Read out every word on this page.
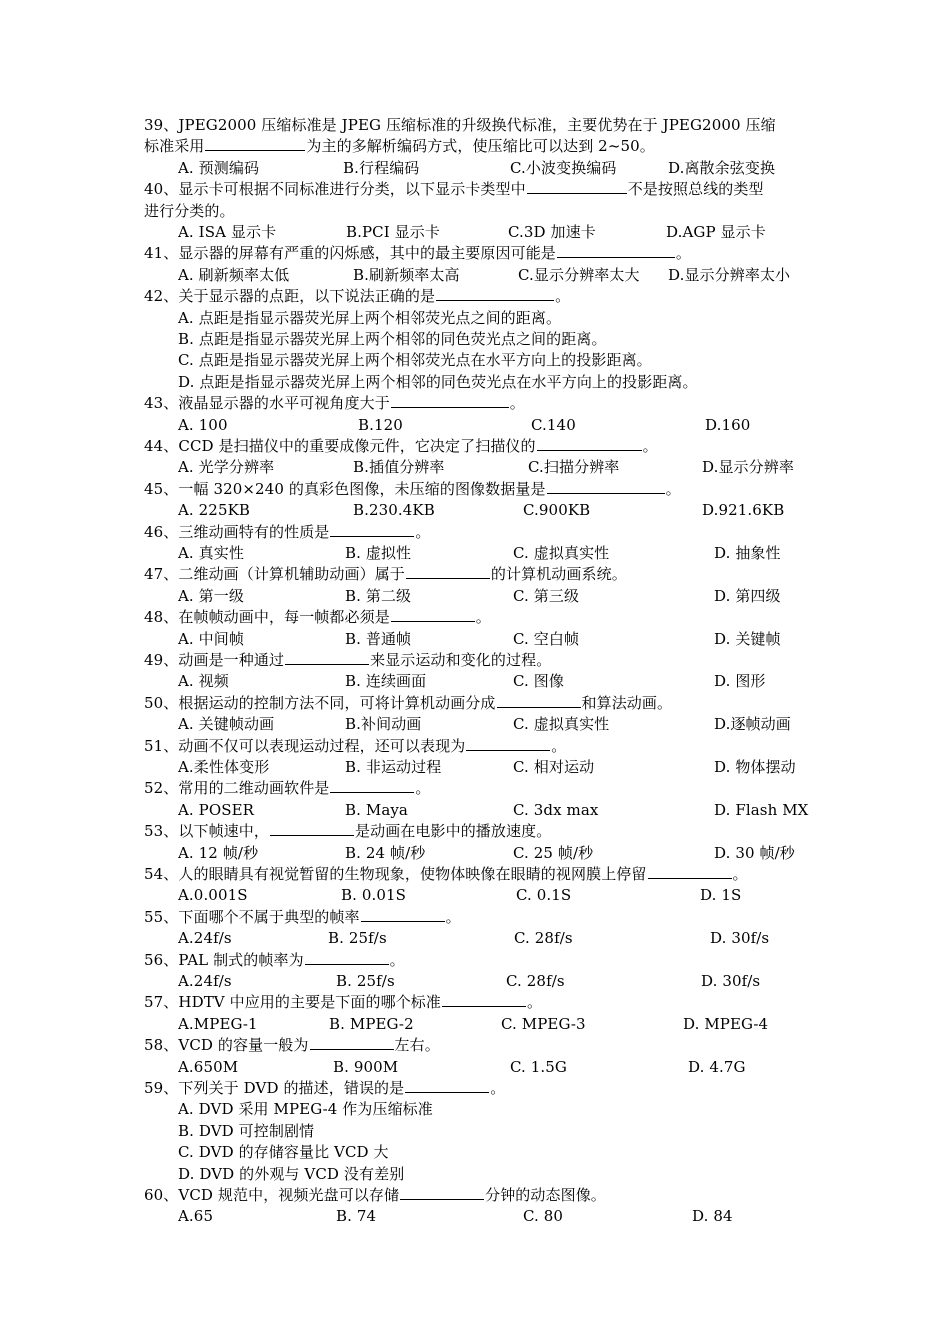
39、JPEG2000 压缩标准是 JPEG 压缩标准的升级换代标准，主要优势在于 JPEG2000 压缩
标准采用	为主的多解析编码方式，使压缩比可以达到 2~50。
A. 预测编码	B.行程编码	C.小波变换编码	D.离散余弦变换
40、显示卡可根据不同标准进行分类，以下显示卡类型中	不是按照总线的类型
进行分类的。
A. ISA 显示卡	B.PCI 显示卡	C.3D 加速卡	D.AGP 显示卡
41、显示器的屏幕有严重的闪烁感，其中的最主要原因可能是	。
A. 刷新频率太低	B.刷新频率太高	C.显示分辨率太大 D.显示分辨率太小
42、关于显示器的点距，以下说法正确的是	。
A. 点距是指显示器荧光屏上两个相邻荧光点之间的距离。
B. 点距是指显示器荧光屏上两个相邻的同色荧光点之间的距离。
C. 点距是指显示器荧光屏上两个相邻荧光点在水平方向上的投影距离。
D. 点距是指显示器荧光屏上两个相邻的同色荧光点在水平方向上的投影距离。
43、液晶显示器的水平可视角度大于	。
A. 100	B.120	C.140	D.160
44、CCD 是扫描仪中的重要成像元件，它决定了扫描仪的	。
A. 光学分辨率	B.插值分辨率	C.扫描分辨率	D.显示分辨率
45、一幅 320×240 的真彩色图像，未压缩的图像数据量是	。
A. 225KB	B.230.4KB	C.900KB	D.921.6KB
46、三维动画特有的性质是	。
A. 真实性	B. 虚拟性	C. 虚拟真实性	D. 抽象性
47、二维动画（计算机辅助动画）属于	的计算机动画系统。
A. 第一级	B. 第二级	C. 第三级	D. 第四级
48、在帧帧动画中，每一帧都必须是	。
A. 中间帧	B. 普通帧	C. 空白帧	D. 关键帧
49、动画是一种通过	来显示运动和变化的过程。
A. 视频	B. 连续画面	C. 图像	D. 图形
50、根据运动的控制方法不同，可将计算机动画分成	和算法动画。
A. 关键帧动画	B.补间动画	C. 虚拟真实性	D.逐帧动画
51、动画不仅可以表现运动过程，还可以表现为	。
A.柔性体变形	B. 非运动过程	C. 相对运动	D. 物体摆动
52、常用的二维动画软件是	。
A. POSER	B. Maya	C. 3dx max	D. Flash MX
53、以下帧速中，	是动画在电影中的播放速度。
A. 12 帧/秒	B. 24 帧/秒	C. 25 帧/秒	D. 30 帧/秒
54、人的眼睛具有视觉暂留的生物现象，使物体映像在眼睛的视网膜上停留	。
A.0.001S	B. 0.01S	C. 0.1S	D. 1S
55、下面哪个不属于典型的帧率	。
A.24f/s	B. 25f/s	C. 28f/s	D. 30f/s
56、PAL 制式的帧率为	。
A.24f/s	B. 25f/s	C. 28f/s	D. 30f/s
57、HDTV 中应用的主要是下面的哪个标准	。
A.MPEG-1	B. MPEG-2	C. MPEG-3	D. MPEG-4
58、VCD 的容量一般为	左右。
A.650M	B. 900M	C. 1.5G	D. 4.7G
59、下列关于 DVD 的描述，错误的是	。
A. DVD 采用 MPEG-4 作为压缩标准
B. DVD 可控制剧情
C. DVD 的存储容量比 VCD 大
D. DVD 的外观与 VCD 没有差别
60、VCD 规范中，视频光盘可以存储	分钟的动态图像。
A.65	B. 74	C. 80	D. 84
